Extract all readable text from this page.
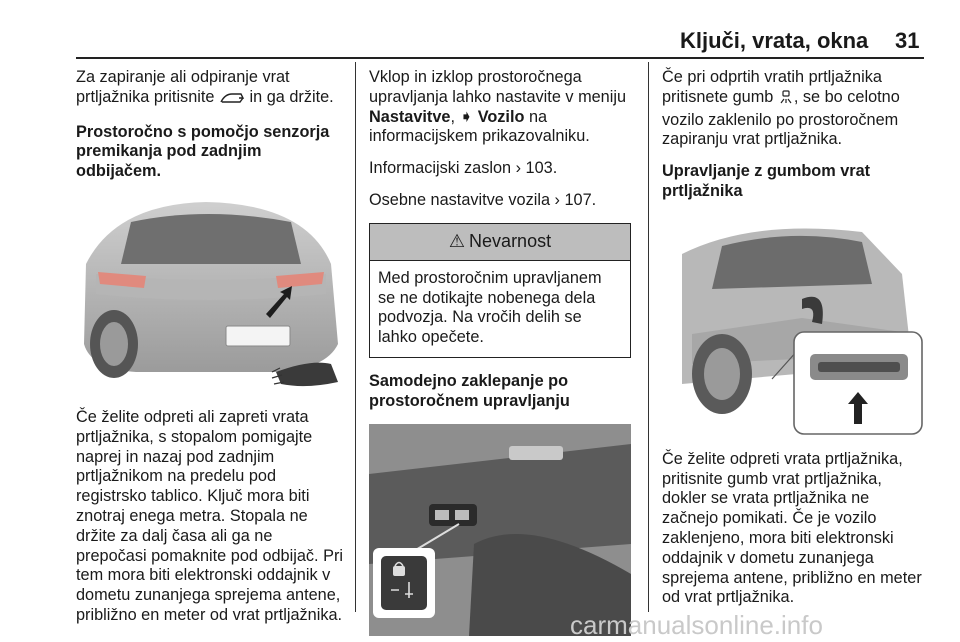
Ključi, vrata, okna 31

Za zapiranje ali odpiranje vrat prtljažnika pritisnite in ga držite.

Prostoročno s pomočjo senzorja premikanja pod zadnjim odbijačem.

Če želite odpreti ali zapreti vrata prtljažnika, s stopalom pomigajte naprej in nazaj pod zadnjim prtljažnikom na predelu pod registrsko tablico. Ključ mora biti znotraj enega metra. Stopala ne držite za dalj časa ali ga ne prepočasi pomaknite pod odbijač. Pri tem mora biti elektronski oddajnik v dometu zunanjega sprejema antene, približno en meter od vrat prtljažnika.

Vklop in izklop prostoročnega upravljanja lahko nastavite v meniju Nastavitve, ➧ Vozilo na informacijskem prikazovalniku.

Informacijski zaslon › 103.

Osebne nastavitve vozila › 107.

⚠ Nevarnost
Med prostoročnim upravljanem se ne dotikajte nobenega dela podvozja. Na vročih delih se lahko opečete.
Samodejno zaklepanje po prostoročnem upravljanju

Če pri odprtih vratih prtljažnika pritisnete gumb , se bo celotno vozilo zaklenilo po prostoročnem zapiranju vrat prtljažnika.

Upravljanje z gumbom vrat prtljažnika

Če želite odpreti vrata prtljažnika, pritisnite gumb vrat prtljažnika, dokler se vrata prtljažnika ne začnejo pomikati. Če je vozilo zaklenjeno, mora biti elektronski oddajnik v dometu zunanjega sprejema antene, približno en meter od vrat prtljažnika.

carmanualsonline.info
